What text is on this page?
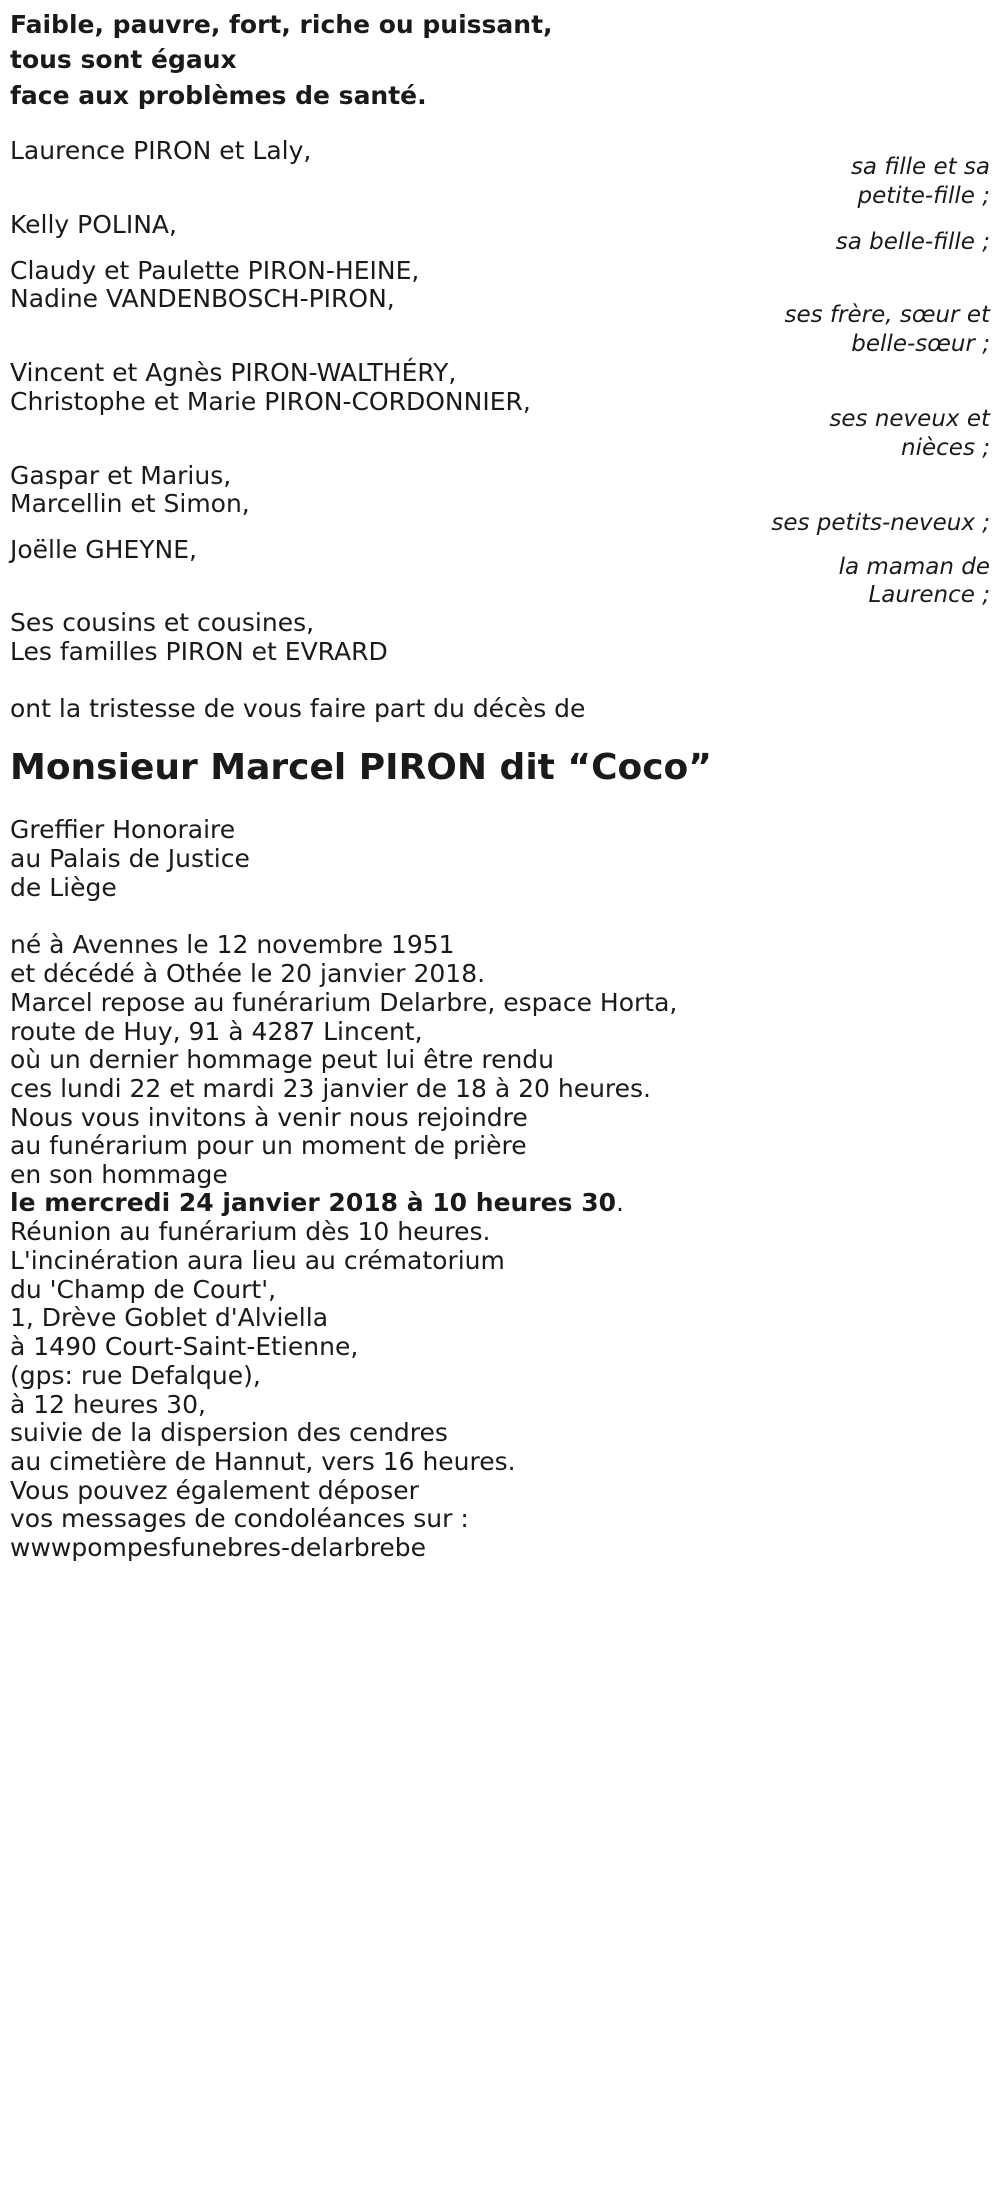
Faible, pauvre, fort, riche ou puissant,
tous sont égaux
face aux problèmes de santé.
Laurence PIRON et Laly,
sa fille et sa
petite-fille ;
Kelly POLINA,
sa belle-fille ;
Claudy et Paulette PIRON-HEINE,
Nadine VANDENBOSCH-PIRON,
ses frère, sœur et
belle-sœur ;
Vincent et Agnès PIRON-WALTHÉRY,
Christophe et Marie PIRON-CORDONNIER,
ses neveux et
nièces ;
Gaspar et Marius,
Marcellin et Simon,
ses petits-neveux ;
Joëlle GHEYNE,
la maman de
Laurence ;
Ses cousins et cousines,
Les familles PIRON et EVRARD
ont la tristesse de vous faire part du décès de
Monsieur Marcel PIRON dit “Coco”
Greffier Honoraire
au Palais de Justice
de Liège
né à Avennes le 12 novembre 1951
et décédé à Othée le 20 janvier 2018.
Marcel repose au funérarium Delarbre, espace Horta,
route de Huy, 91 à 4287 Lincent,
où un dernier hommage peut lui être rendu
ces lundi 22 et mardi 23 janvier de 18 à 20 heures.
Nous vous invitons à venir nous rejoindre
au funérarium pour un moment de prière
en son hommage
le mercredi 24 janvier 2018 à 10 heures 30.
Réunion au funérarium dès 10 heures.
L'incinération aura lieu au crématorium
du 'Champ de Court',
1, Drève Goblet d'Alviella
à 1490 Court-Saint-Etienne,
(gps: rue Defalque),
à 12 heures 30,
suivie de la dispersion des cendres
au cimetière de Hannut, vers 16 heures.
Vous pouvez également déposer
vos messages de condoléances sur :
wwwpompesfunebres-delarbrebe
